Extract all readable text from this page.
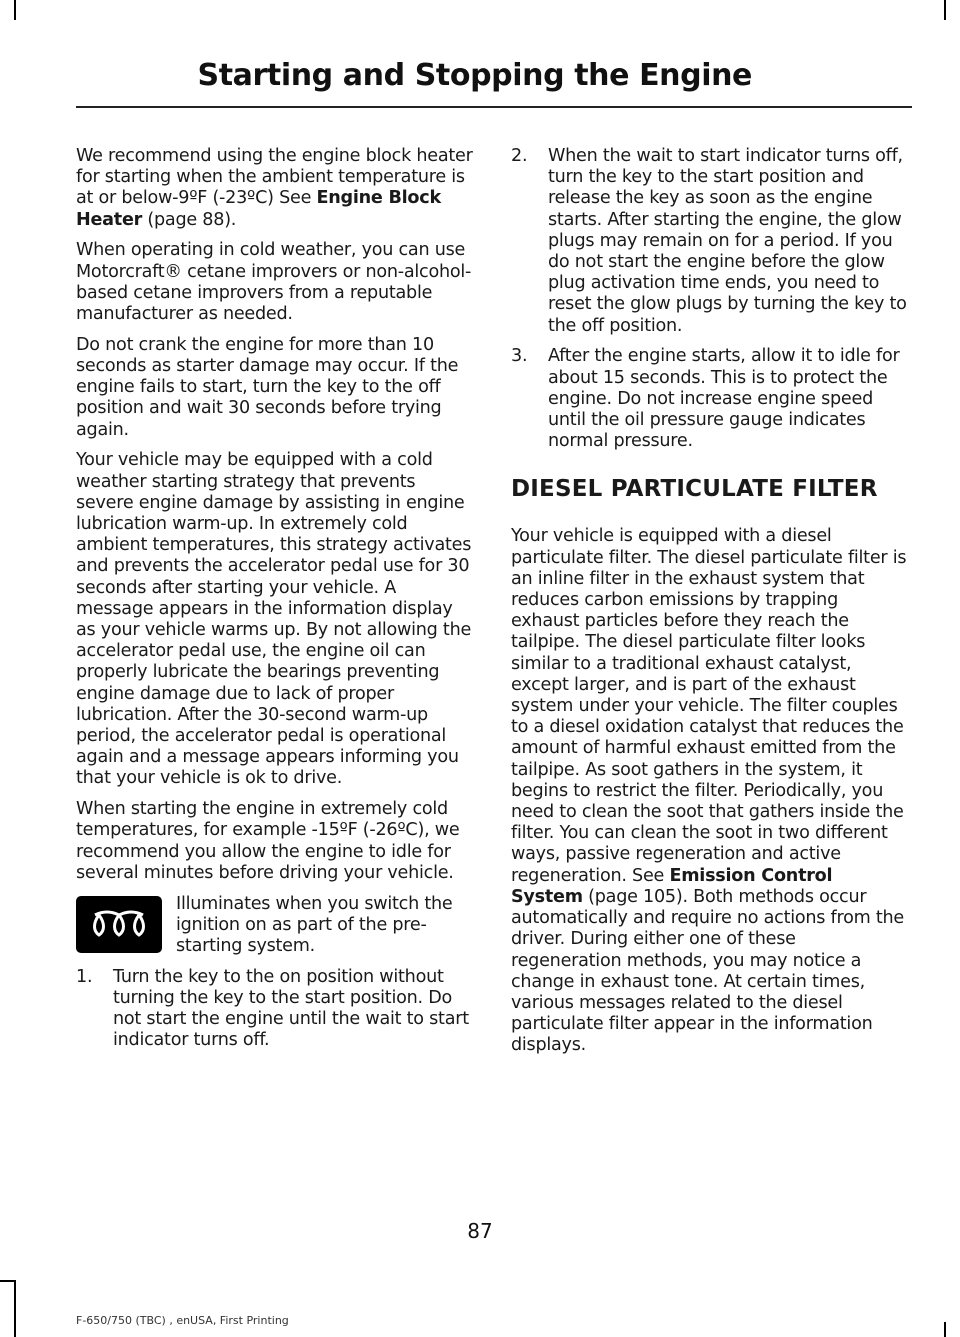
Starting and Stopping the Engine

We recommend using the engine block heater for starting when the ambient temperature is at or below-9ºF (-23ºC) See Engine Block Heater (page 88).

When operating in cold weather, you can use Motorcraft® cetane improvers or non-alcohol-based cetane improvers from a reputable manufacturer as needed.

Do not crank the engine for more than 10 seconds as starter damage may occur. If the engine fails to start, turn the key to the off position and wait 30 seconds before trying again.

Your vehicle may be equipped with a cold weather starting strategy that prevents severe engine damage by assisting in engine lubrication warm-up. In extremely cold ambient temperatures, this strategy activates and prevents the accelerator pedal use for 30 seconds after starting your vehicle. A message appears in the information display as your vehicle warms up. By not allowing the accelerator pedal use, the engine oil can properly lubricate the bearings preventing engine damage due to lack of proper lubrication. After the 30-second warm-up period, the accelerator pedal is operational again and a message appears informing you that your vehicle is ok to drive.

When starting the engine in extremely cold temperatures, for example -15ºF (-26ºC), we recommend you allow the engine to idle for several minutes before driving your vehicle.

Illuminates when you switch the ignition on as part of the pre-starting system.
1. Turn the key to the on position without turning the key to the start position. Do not start the engine until the wait to start indicator turns off.
2. When the wait to start indicator turns off, turn the key to the start position and release the key as soon as the engine starts. After starting the engine, the glow plugs may remain on for a period. If you do not start the engine before the glow plug activation time ends, you need to reset the glow plugs by turning the key to the off position.
3. After the engine starts, allow it to idle for about 15 seconds. This is to protect the engine. Do not increase engine speed until the oil pressure gauge indicates normal pressure.
DIESEL PARTICULATE FILTER

Your vehicle is equipped with a diesel particulate filter. The diesel particulate filter is an inline filter in the exhaust system that reduces carbon emissions by trapping exhaust particles before they reach the tailpipe. The diesel particulate filter looks similar to a traditional exhaust catalyst, except larger, and is part of the exhaust system under your vehicle. The filter couples to a diesel oxidation catalyst that reduces the amount of harmful exhaust emitted from the tailpipe. As soot gathers in the system, it begins to restrict the filter. Periodically, you need to clean the soot that gathers inside the filter. You can clean the soot in two different ways, passive regeneration and active regeneration. See Emission Control System (page 105). Both methods occur automatically and require no actions from the driver. During either one of these regeneration methods, you may notice a change in exhaust tone. At certain times, various messages related to the diesel particulate filter appear in the information displays.

87
F-650/750 (TBC) , enUSA, First Printing
